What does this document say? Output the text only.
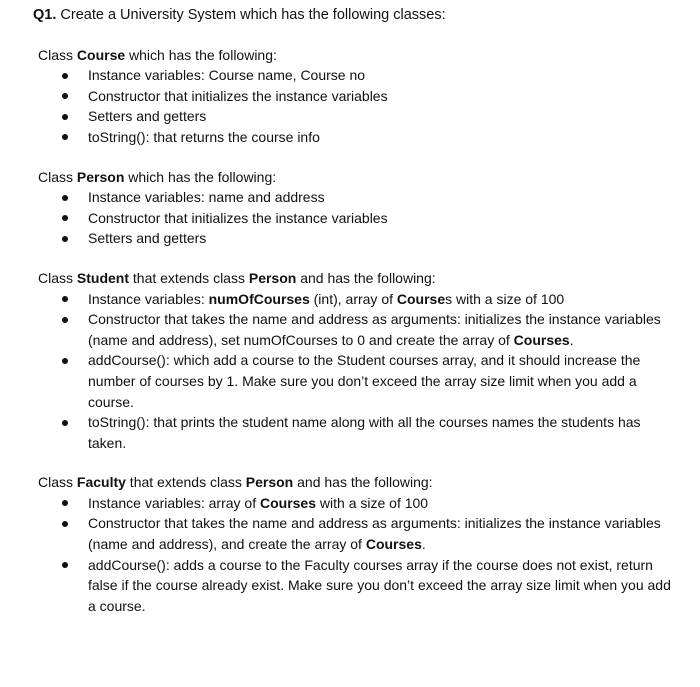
Q1. Create a University System which has the following classes:

Class Course which has the following:

Instance variables: Course name, Course no
Constructor that initializes the instance variables
Setters and getters
toString(): that returns the course info

Class Person which has the following:

Instance variables: name and address
Constructor that initializes the instance variables
Setters and getters

Class Student that extends class Person and has the following:

Instance variables: numOfCourses (int), array of Courses with a size of 100
Constructor that takes the name and address as arguments: initializes the instance variables (name and address), set numOfCourses to 0 and create the array of Courses.
addCourse(): which add a course to the Student courses array, and it should increase the number of courses by 1. Make sure you don’t exceed the array size limit when you add a course.
toString(): that prints the student name along with all the courses names the students has taken.

Class Faculty that extends class Person and has the following:

Instance variables: array of Courses with a size of 100
Constructor that takes the name and address as arguments: initializes the instance variables (name and address), and create the array of Courses.
addCourse(): adds a course to the Faculty courses array if the course does not exist, return false if the course already exist. Make sure you don’t exceed the array size limit when you add a course.
